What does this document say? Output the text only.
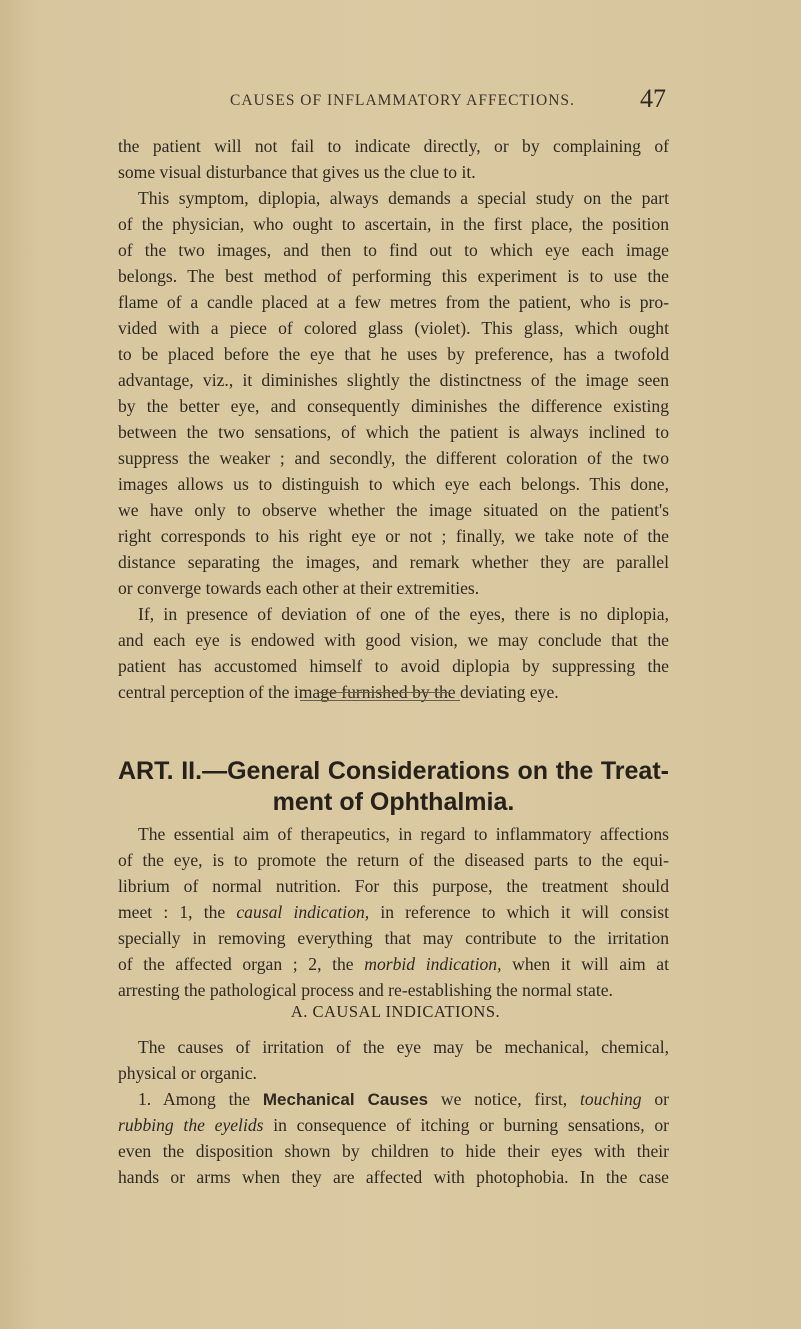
CAUSES OF INFLAMMATORY AFFECTIONS.	47
the patient will not fail to indicate directly, or by complaining of
some visual disturbance that gives us the clue to it.
This symptom, diplopia, always demands a special study on the part
of the physician, who ought to ascertain, in the first place, the position
of the two images, and then to find out to which eye each image
belongs. The best method of performing this experiment is to use the
flame of a candle placed at a few metres from the patient, who is pro-
vided with a piece of colored glass (violet). This glass, which ought
to be placed before the eye that he uses by preference, has a twofold
advantage, viz., it diminishes slightly the distinctness of the image seen
by the better eye, and consequently diminishes the difference existing
between the two sensations, of which the patient is always inclined to
suppress the weaker ; and secondly, the different coloration of the two
images allows us to distinguish to which eye each belongs. This done,
we have only to observe whether the image situated on the patient's
right corresponds to his right eye or not ; finally, we take note of the
distance separating the images, and remark whether they are parallel
or converge towards each other at their extremities.
If, in presence of deviation of one of the eyes, there is no diplopia,
and each eye is endowed with good vision, we may conclude that the
patient has accustomed himself to avoid diplopia by suppressing the
central perception of the image furnished by the deviating eye.
ART. II.—General Considerations on the Treat-
ment of Ophthalmia.
The essential aim of therapeutics, in regard to inflammatory affections
of the eye, is to promote the return of the diseased parts to the equi-
librium of normal nutrition. For this purpose, the treatment should
meet : 1, the causal indication, in reference to which it will consist
specially in removing everything that may contribute to the irritation
of the affected organ ; 2, the morbid indication, when it will aim at
arresting the pathological process and re-establishing the normal state.
A. CAUSAL INDICATIONS.
The causes of irritation of the eye may be mechanical, chemical,
physical or organic.
1. Among the Mechanical Causes we notice, first, touching or
rubbing the eyelids in consequence of itching or burning sensations, or
even the disposition shown by children to hide their eyes with their
hands or arms when they are affected with photophobia. In the case
